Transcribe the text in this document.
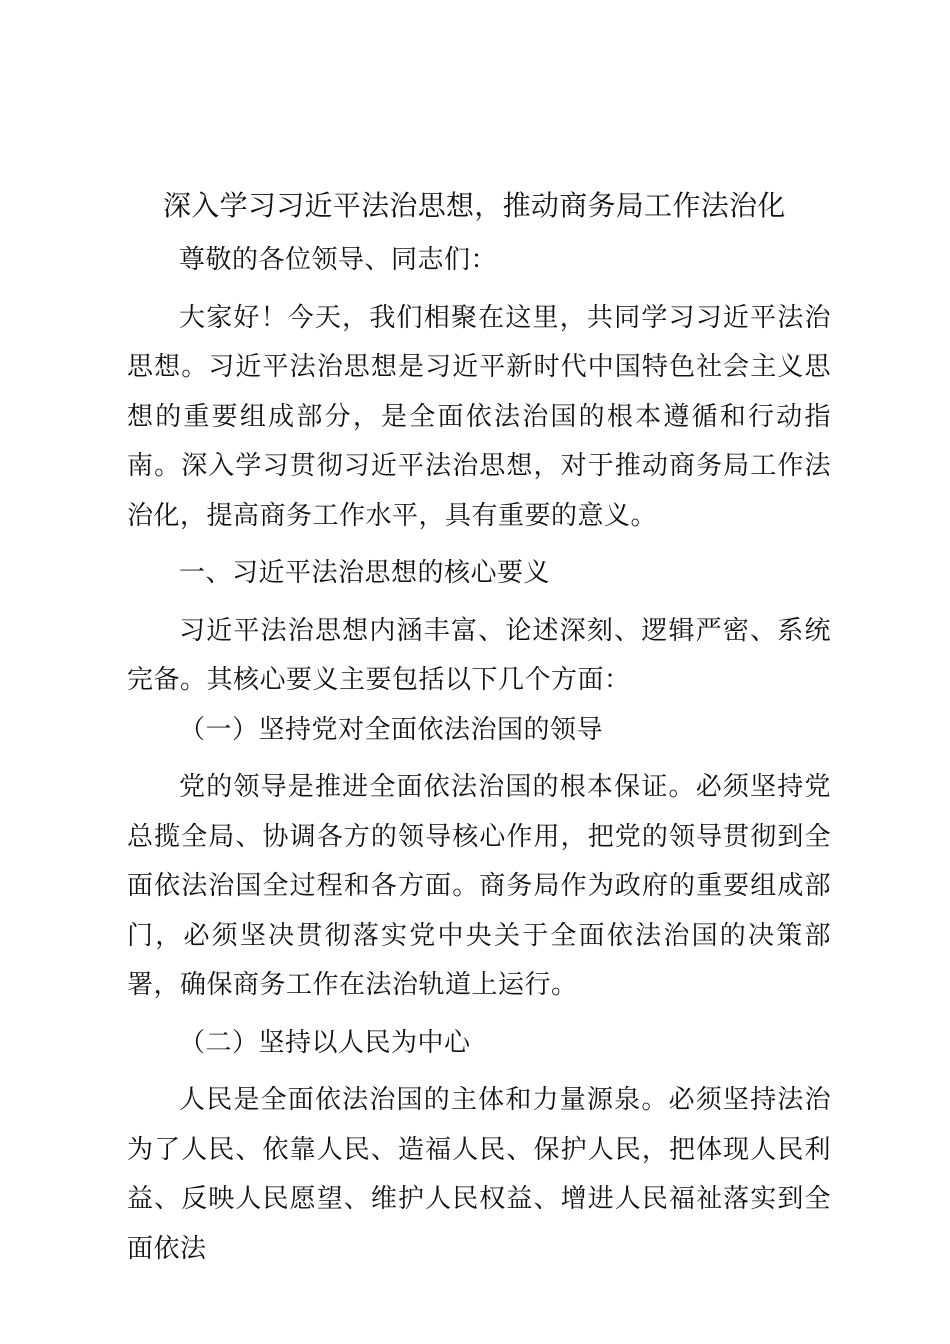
深入学习习近平法治思想，推动商务局工作法治化

尊敬的各位领导、同志们：

大家好！今天，我们相聚在这里，共同学习习近平法治思想。习近平法治思想是习近平新时代中国特色社会主义思想的重要组成部分，是全面依法治国的根本遵循和行动指南。深入学习贯彻习近平法治思想，对于推动商务局工作法治化，提高商务工作水平，具有重要的意义。

一、习近平法治思想的核心要义

习近平法治思想内涵丰富、论述深刻、逻辑严密、系统完备。其核心要义主要包括以下几个方面：

（一）坚持党对全面依法治国的领导

党的领导是推进全面依法治国的根本保证。必须坚持党总揽全局、协调各方的领导核心作用，把党的领导贯彻到全面依法治国全过程和各方面。商务局作为政府的重要组成部门，必须坚决贯彻落实党中央关于全面依法治国的决策部署，确保商务工作在法治轨道上运行。

（二）坚持以人民为中心

人民是全面依法治国的主体和力量源泉。必须坚持法治为了人民、依靠人民、造福人民、保护人民，把体现人民利益、反映人民愿望、维护人民权益、增进人民福祉落实到全面依法
